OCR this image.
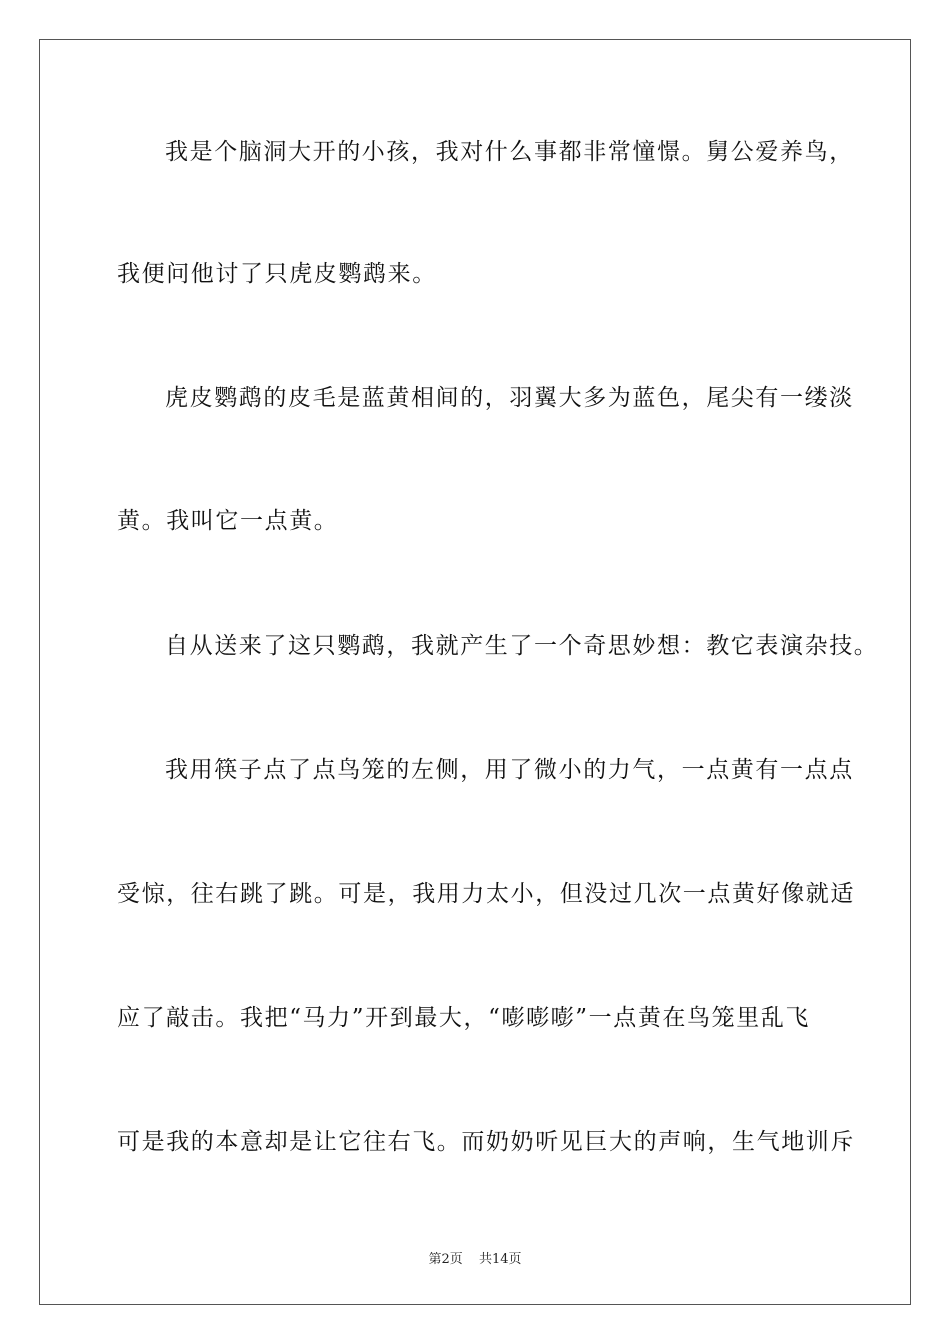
我是个脑洞大开的小孩，我对什么事都非常憧憬。舅公爱养鸟，
我便问他讨了只虎皮鹦鹉来。
虎皮鹦鹉的皮毛是蓝黄相间的，羽翼大多为蓝色，尾尖有一缕淡
黄。我叫它一点黄。
自从送来了这只鹦鹉，我就产生了一个奇思妙想：教它表演杂技。
我用筷子点了点鸟笼的左侧，用了微小的力气，一点黄有一点点
受惊，往右跳了跳。可是，我用力太小，但没过几次一点黄好像就适
应了敲击。我把“马力”开到最大，“嘭嘭嘭”一点黄在鸟笼里乱飞
可是我的本意却是让它往右飞。而奶奶听见巨大的声响，生气地训斥
第2页 共14页
